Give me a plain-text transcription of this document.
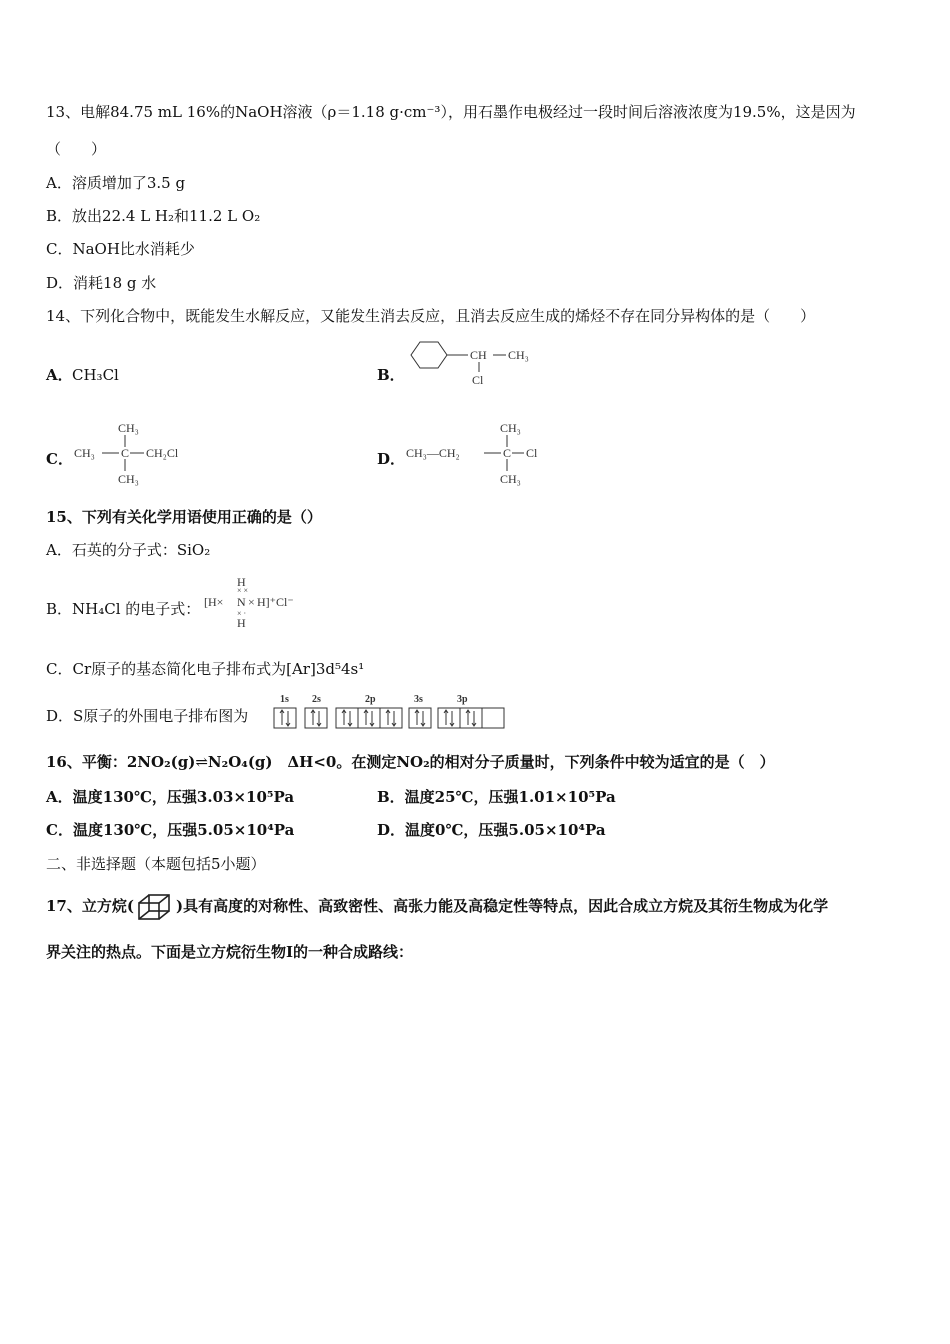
13、电解84.75 mL 16%的NaOH溶液（ρ＝1.18 g·cm⁻³），用石墨作电极经过一段时间后溶液浓度为19.5%，这是因为
（　　）
A．溶质增加了3.5 g
B．放出22.4 L H₂和11.2 L O₂
C．NaOH比水消耗少
D．消耗18 g 水
14、下列化合物中，既能发生水解反应，又能发生消去反应，且消去反应生成的烯烃不存在同分异构体的是（　　）
A． CH₃Cl	B．
CH CH₃
Cl
C．
CH₃
CH₃ C CH₂Cl
CH₃
D．
CH₃
CH₃—CH₂	C Cl
CH₃
15、下列有关化学用语使用正确的是（）
A．石英的分子式：SiO₂
B．NH₄Cl 的电子式：
H
× ×
[H× N × H]⁺Cl⁻
× ·
H
C．Cr原子的基态简化电子排布式为[Ar]3d⁵4s¹
D．S原子的外围电子排布图为
1s 2s	2p	3s	3p
16、平衡：2NO₂(g)⇌N₂O₄(g)　ΔH<0。在测定NO₂的相对分子质量时，下列条件中较为适宜的是（　）
A．温度130℃，压强3.03×10⁵Pa	B．温度25℃，压强1.01×10⁵Pa
C．温度130℃，压强5.05×10⁴Pa	D．温度0℃，压强5.05×10⁴Pa
二、非选择题（本题包括5小题）
17、立方烷(	)具有高度的对称性、高致密性、高张力能及高稳定性等特点，因此合成立方烷及其衍生物成为化学
界关注的热点。下面是立方烷衍生物I的一种合成路线：
